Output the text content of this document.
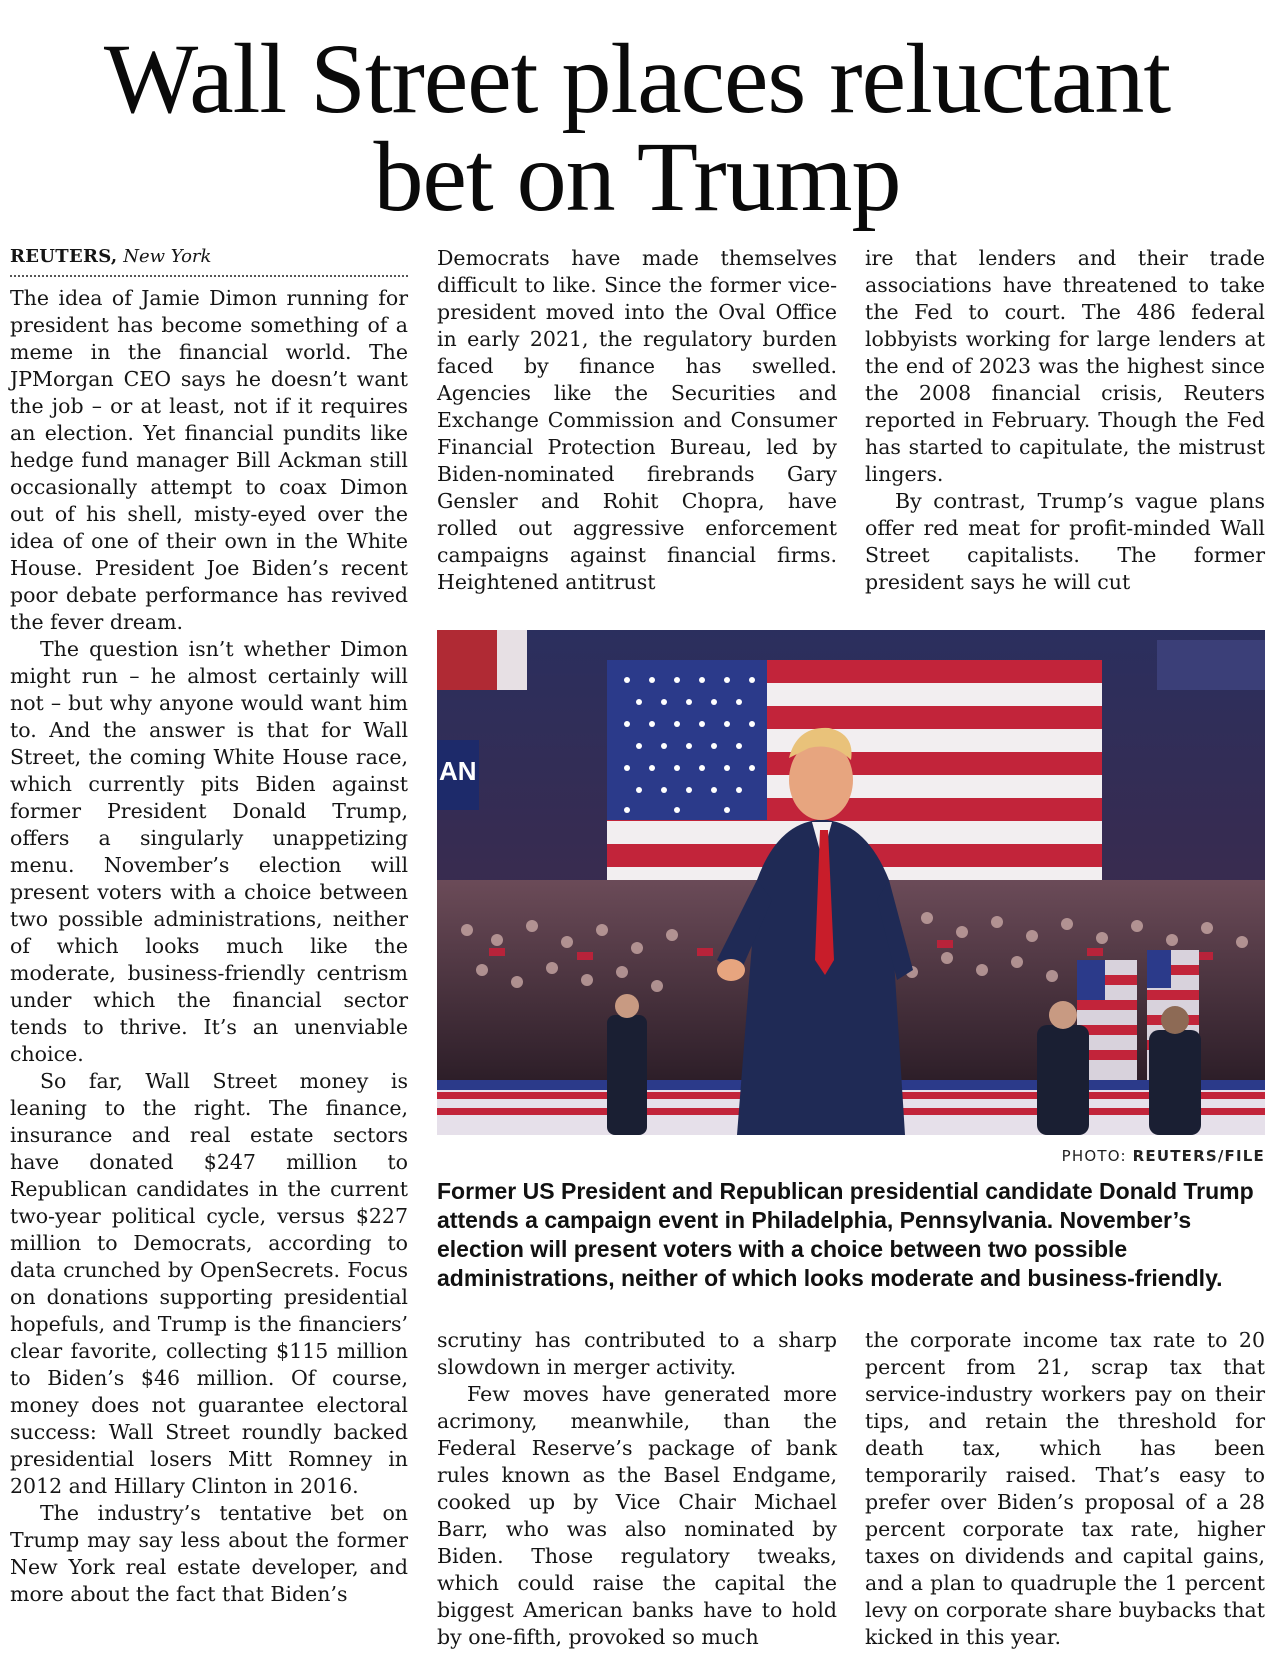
Wall Street places reluctant
bet on Trump
REUTERS, New York

The idea of Jamie Dimon running for president has become something of a meme in the financial world. The JPMorgan CEO says he doesn’t want the job – or at least, not if it requires an election. Yet financial pundits like hedge fund manager Bill Ackman still occasionally attempt to coax Dimon out of his shell, misty-eyed over the idea of one of their own in the White House. President Joe Biden’s recent poor debate performance has revived the fever dream.

The question isn’t whether Dimon might run – he almost certainly will not – but why anyone would want him to. And the answer is that for Wall Street, the coming White House race, which currently pits Biden against former President Donald Trump, offers a singularly unappetizing menu. November’s election will present voters with a choice between two possible administrations, neither of which looks much like the moderate, business-friendly centrism under which the financial sector tends to thrive. It’s an unenviable choice.

So far, Wall Street money is leaning to the right. The finance, insurance and real estate sectors have donated $247 million to Republican candidates in the current two-year political cycle, versus $227 million to Democrats, according to data crunched by OpenSecrets. Focus on donations supporting presidential hopefuls, and Trump is the financiers’ clear favorite, collecting $115 million to Biden’s $46 million. Of course, money does not guarantee electoral success: Wall Street roundly backed presidential losers Mitt Romney in 2012 and Hillary Clinton in 2016.

The industry’s tentative bet on Trump may say less about the former New York real estate developer, and more about the fact that Biden’s

Democrats have made themselves difficult to like. Since the former vice-president moved into the Oval Office in early 2021, the regulatory burden faced by finance has swelled. Agencies like the Securities and Exchange Commission and Consumer Financial Protection Bureau, led by Biden-nominated firebrands Gary Gensler and Rohit Chopra, have rolled out aggressive enforcement campaigns against financial firms. Heightened antitrust

ire that lenders and their trade associations have threatened to take the Fed to court. The 486 federal lobbyists working for large lenders at the end of 2023 was the highest since the 2008 financial crisis, Reuters reported in February. Though the Fed has started to capitulate, the mistrust lingers.

By contrast, Trump’s vague plans offer red meat for profit-minded Wall Street capitalists. The former president says he will cut

AN
PHOTO: REUTERS/FILE
Former US President and Republican presidential candidate Donald Trump attends a campaign event in Philadelphia, Pennsylvania. November’s election will present voters with a choice between two possible administrations, neither of which looks moderate and business-friendly.

scrutiny has contributed to a sharp slowdown in merger activity.

Few moves have generated more acrimony, meanwhile, than the Federal Reserve’s package of bank rules known as the Basel Endgame, cooked up by Vice Chair Michael Barr, who was also nominated by Biden. Those regulatory tweaks, which could raise the capital the biggest American banks have to hold by one-fifth, provoked so much

the corporate income tax rate to 20 percent from 21, scrap tax that service-industry workers pay on their tips, and retain the threshold for death tax, which has been temporarily raised. That’s easy to prefer over Biden’s proposal of a 28 percent corporate tax rate, higher taxes on dividends and capital gains, and a plan to quadruple the 1 percent levy on corporate share buybacks that kicked in this year.
